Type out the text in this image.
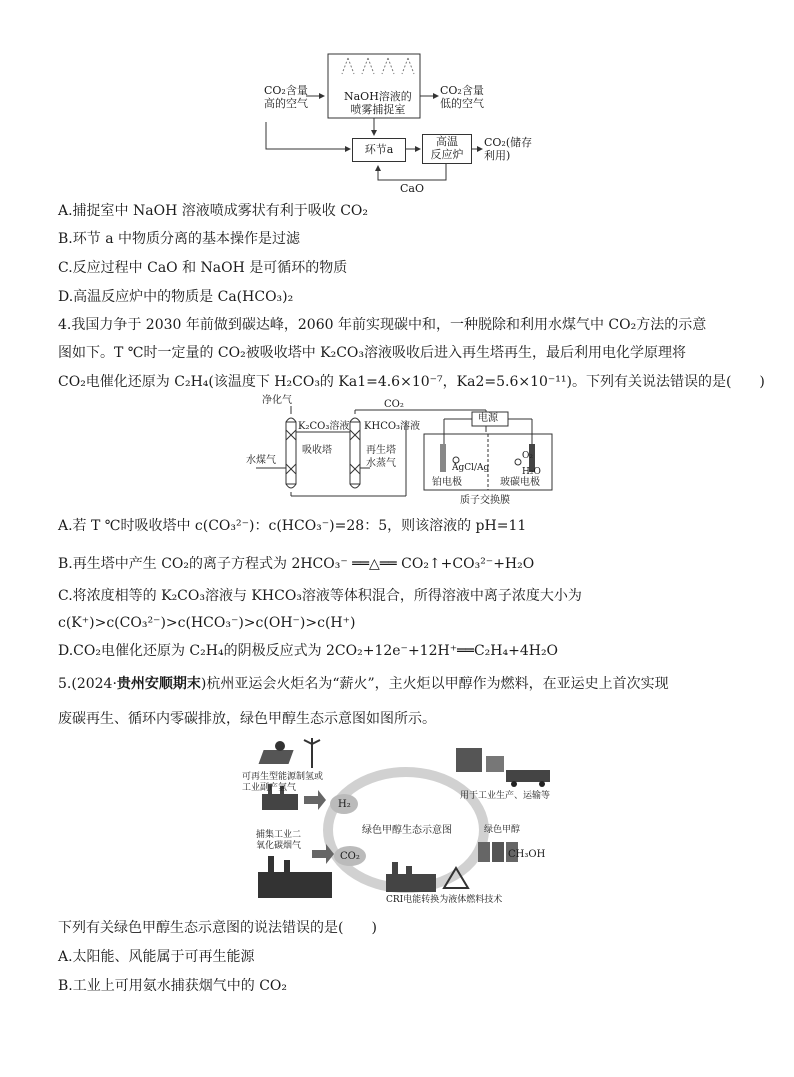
CO₂含量
高的空气
NaOH溶液的
喷雾捕捉室
CO₂含量
低的空气
环节a
高温
反应炉
CO₂(储存
利用)
CaO
A.捕捉室中 NaOH 溶液喷成雾状有利于吸收 CO₂
B.环节 a 中物质分离的基本操作是过滤
C.反应过程中 CaO 和 NaOH 是可循环的物质
D.高温反应炉中的物质是 Ca(HCO₃)₂
4.我国力争于 2030 年前做到碳达峰，2060 年前实现碳中和，一种脱除和利用水煤气中 CO₂方法的示意
图如下。T ℃时一定量的 CO₂被吸收塔中 K₂CO₃溶液吸收后进入再生塔再生，最后利用电化学原理将
CO₂电催化还原为 C₂H₄(该温度下 H₂CO₃的 Ka1=4.6×10⁻⁷，Ka2=5.6×10⁻¹¹)。下列有关说法错误的是(　　)
净化气
K₂CO₃溶液
CO₂
KHCO₃溶液
吸收塔	再生塔
水蒸气
水煤气
电源
AgCl/Ag
O₂
H₂O
铂电极	玻碳电极
质子交换膜
A.若 T ℃时吸收塔中 c(CO₃²⁻)：c(HCO₃⁻)=28：5，则该溶液的 pH=11
B.再生塔中产生 CO₂的离子方程式为 2HCO₃⁻ ══△══ CO₂↑+CO₃²⁻+H₂O
C.将浓度相等的 K₂CO₃溶液与 KHCO₃溶液等体积混合，所得溶液中离子浓度大小为
c(K⁺)>c(CO₃²⁻)>c(HCO₃⁻)>c(OH⁻)>c(H⁺)
D.CO₂电催化还原为 C₂H₄的阴极反应式为 2CO₂+12e⁻+12H⁺══C₂H₄+4H₂O
5.(2024·贵州安顺期末)杭州亚运会火炬名为“薪火”，主火炬以甲醇作为燃料，在亚运史上首次实现
废碳再生、循环内零碳排放，绿色甲醇生态示意图如图所示。
可再生型能源制氢或
工业副产氢气
H₂
捕集工业二
氧化碳烟气
CO₂
绿色甲醇生态示意图
用于工业生产、运输等
绿色甲醇
CH₃OH
CRI电能转换为液体燃料技术
下列有关绿色甲醇生态示意图的说法错误的是(　　)
A.太阳能、风能属于可再生能源
B.工业上可用氨水捕获烟气中的 CO₂
